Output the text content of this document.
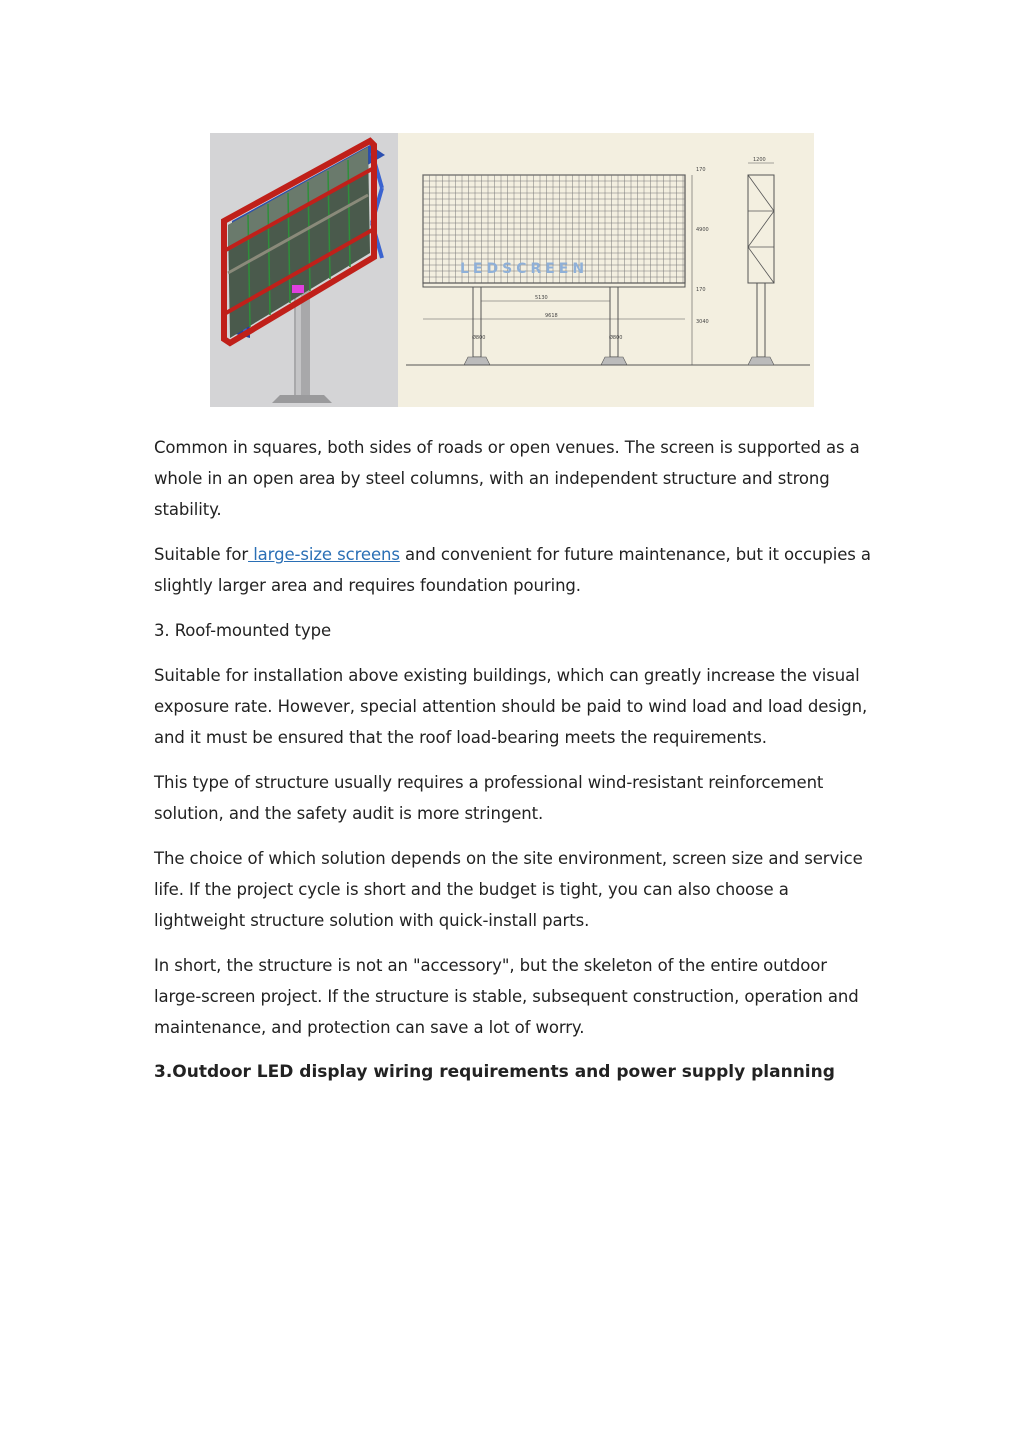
LEDSCREEN
5130
9618
Ø800	Ø800
170
4900
170
3040
1200

Common in squares, both sides of roads or open venues. The screen is supported as a whole in an open area by steel columns, with an independent structure and strong stability.

Suitable for large-size screens and convenient for future maintenance, but it occupies a slightly larger area and requires foundation pouring.

3. Roof-mounted type

Suitable for installation above existing buildings, which can greatly increase the visual exposure rate. However, special attention should be paid to wind load and load design, and it must be ensured that the roof load-bearing meets the requirements.

This type of structure usually requires a professional wind-resistant reinforcement solution, and the safety audit is more stringent.

The choice of which solution depends on the site environment, screen size and service life. If the project cycle is short and the budget is tight, you can also choose a lightweight structure solution with quick-install parts.

In short, the structure is not an "accessory", but the skeleton of the entire outdoor large-screen project. If the structure is stable, subsequent construction, operation and maintenance, and protection can save a lot of worry.

3.Outdoor LED display wiring requirements and power supply planning
